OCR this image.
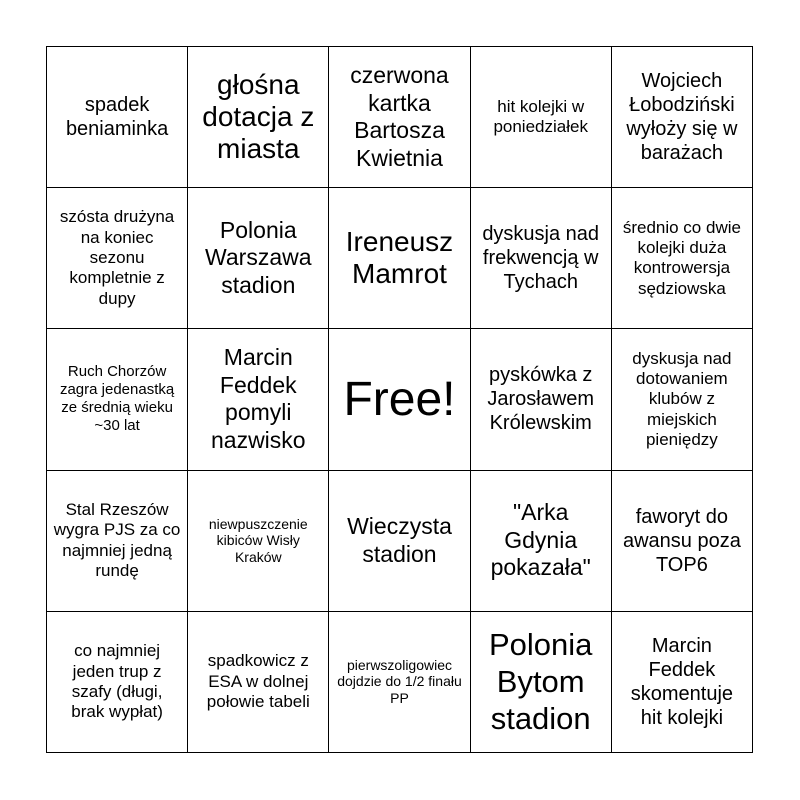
spadek beniaminka
głośna dotacja z miasta
czerwona kartka Bartosza Kwietnia
hit kolejki w poniedziałek
Wojciech Łobodziński wyłoży się w barażach
szósta drużyna na koniec sezonu kompletnie z dupy
Polonia Warszawa stadion
Ireneusz Mamrot
dyskusja nad frekwencją w Tychach
średnio co dwie kolejki duża kontrowersja sędziowska
Ruch Chorzów zagra jedenastką ze średnią wieku ~30 lat
Marcin Feddek pomyli nazwisko
Free!	pyskówka z Jarosławem Królewskim
dyskusja nad dotowaniem klubów z miejskich pieniędzy
Stal Rzeszów wygra PJS za co najmniej jedną rundę
niewpuszczenie kibiców Wisły Kraków
Wieczysta stadion
"Arka Gdynia pokazała"
faworyt do awansu poza TOP6
co najmniej jeden trup z szafy (długi, brak wypłat)
spadkowicz z ESA w dolnej połowie tabeli
pierwszoligowiec dojdzie do 1/2 finału PP
Polonia Bytom stadion
Marcin Feddek skomentuje hit kolejki
